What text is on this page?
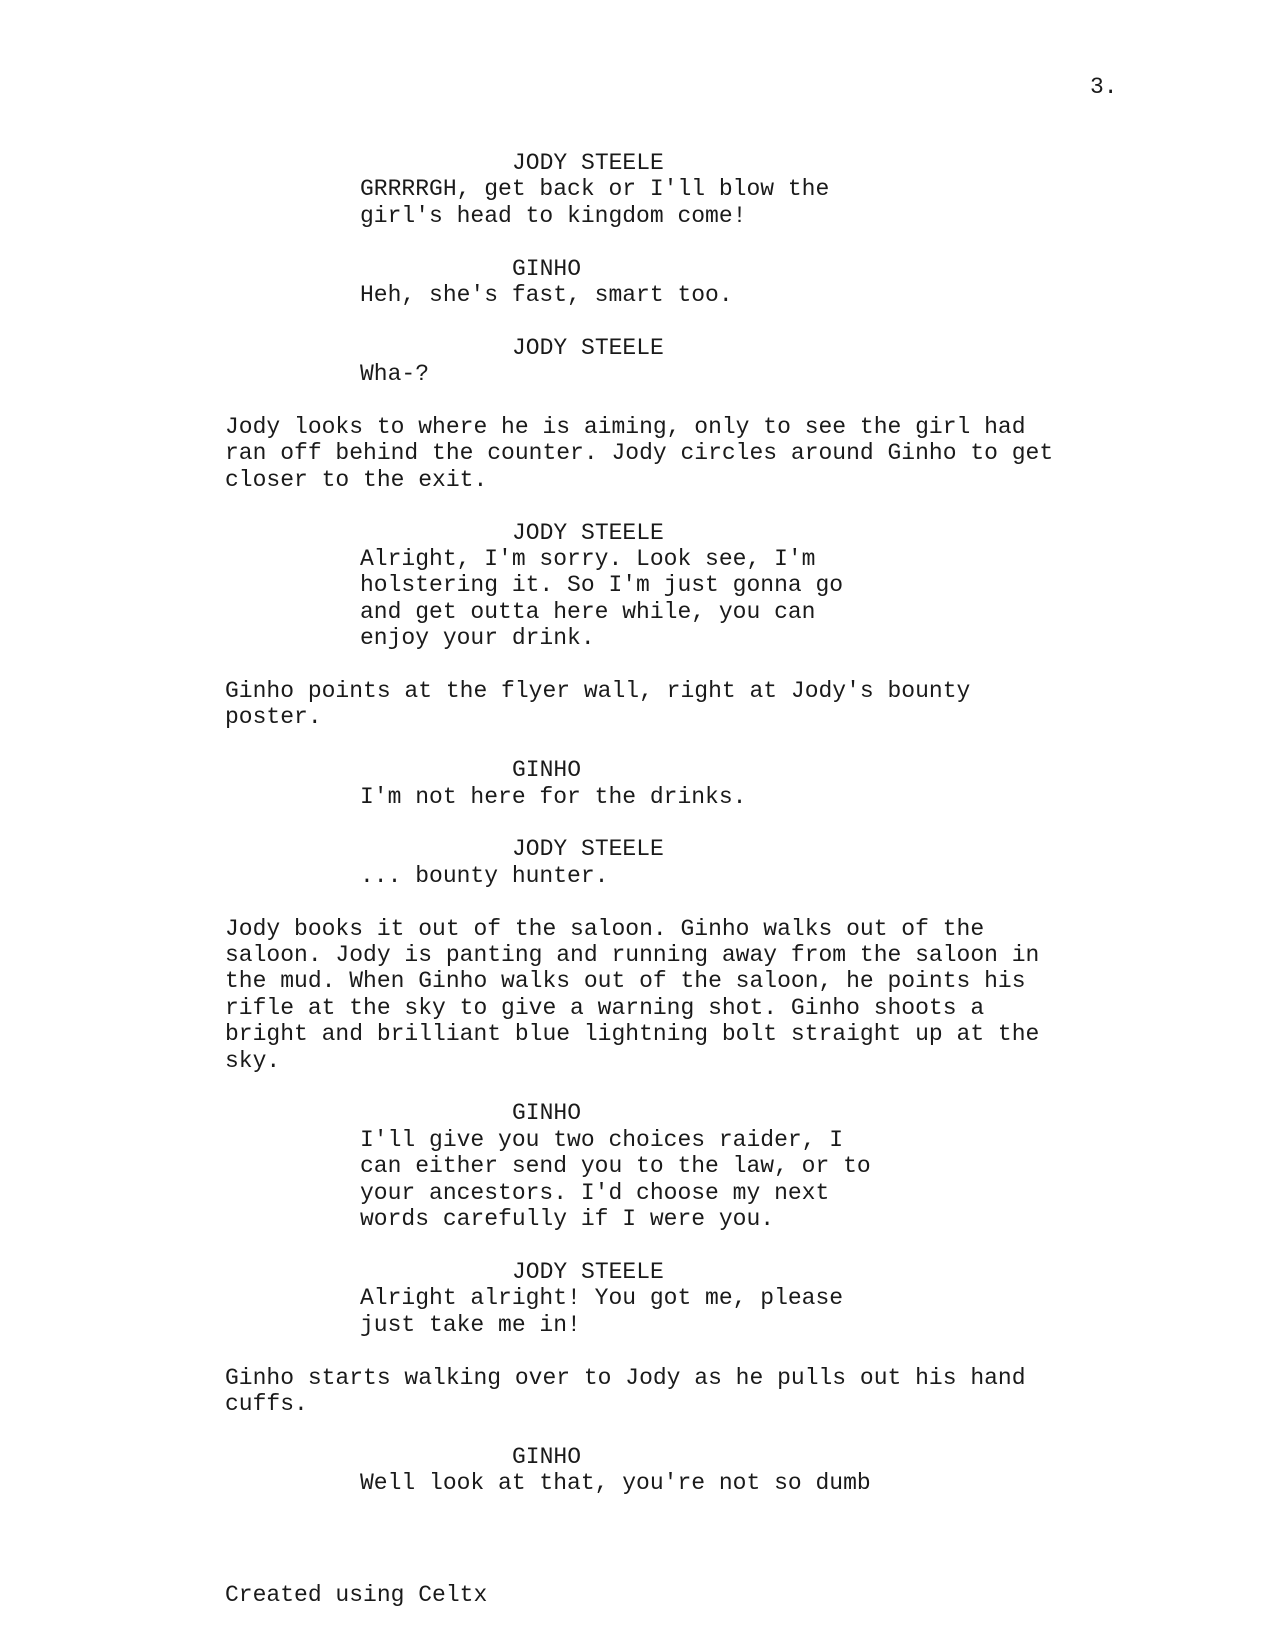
3.
JODY STEELE
GRRRRGH, get back or I'll blow the
girl's head to kingdom come!
GINHO
Heh, she's fast, smart too.
JODY STEELE
Wha-?
Jody looks to where he is aiming, only to see the girl had
ran off behind the counter. Jody circles around Ginho to get
closer to the exit.
JODY STEELE
Alright, I'm sorry. Look see, I'm
holstering it. So I'm just gonna go
and get outta here while, you can
enjoy your drink.
Ginho points at the flyer wall, right at Jody's bounty
poster.
GINHO
I'm not here for the drinks.
JODY STEELE
... bounty hunter.
Jody books it out of the saloon. Ginho walks out of the
saloon. Jody is panting and running away from the saloon in
the mud. When Ginho walks out of the saloon, he points his
rifle at the sky to give a warning shot. Ginho shoots a
bright and brilliant blue lightning bolt straight up at the
sky.
GINHO
I'll give you two choices raider, I
can either send you to the law, or to
your ancestors. I'd choose my next
words carefully if I were you.
JODY STEELE
Alright alright! You got me, please
just take me in!
Ginho starts walking over to Jody as he pulls out his hand
cuffs.
GINHO
Well look at that, you're not so dumb
Created using Celtx
